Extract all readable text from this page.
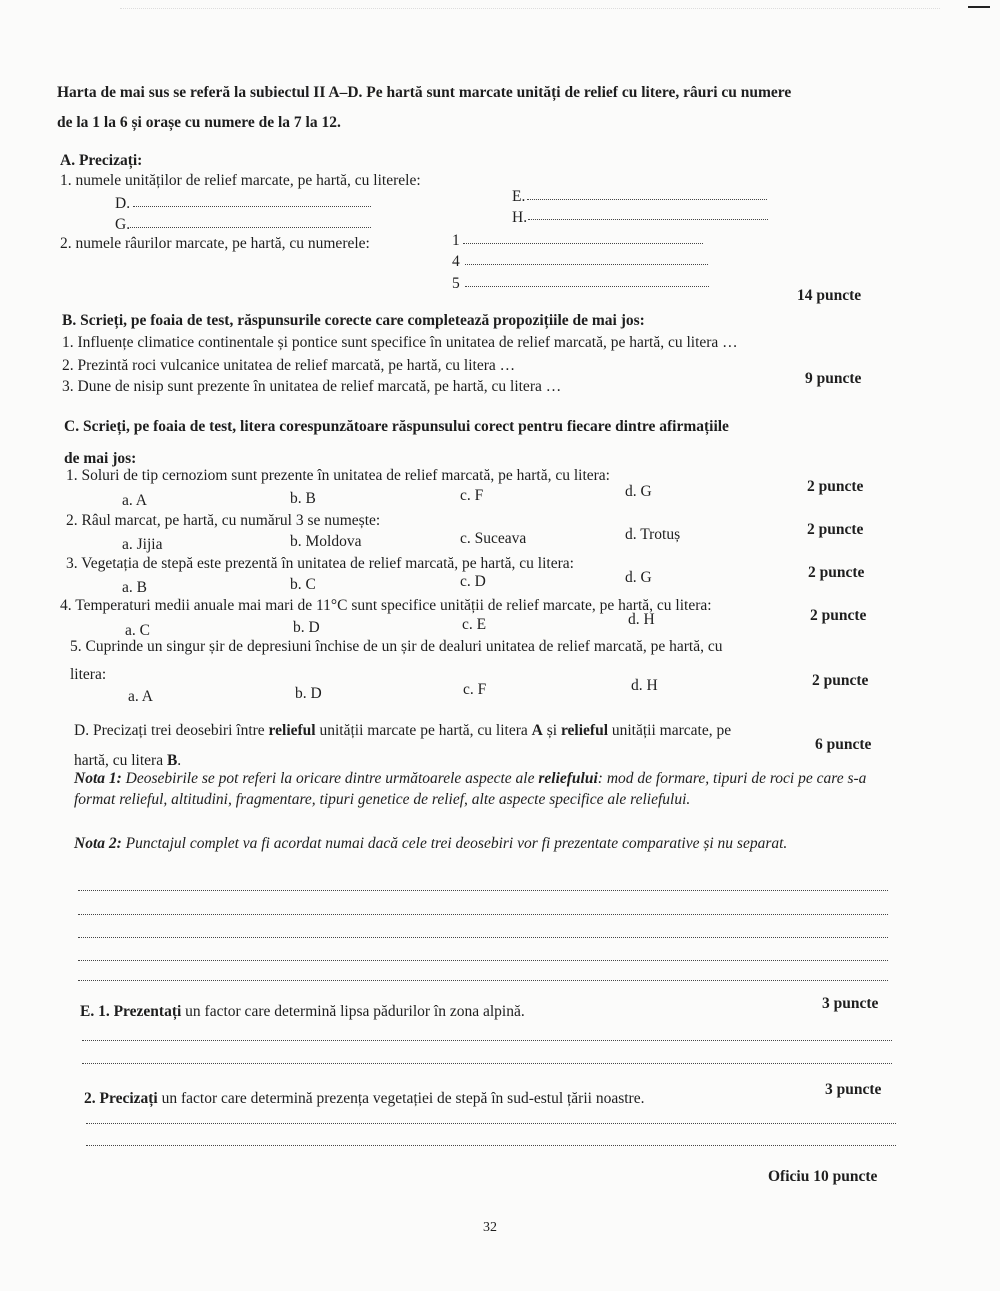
Harta de mai sus se referă la subiectul II A–D. Pe hartă sunt marcate unități de relief cu litere, râuri cu numere
de la 1 la 6 și orașe cu numere de la 7 la 12.
A. Precizați:
1. numele unităților de relief marcate, pe hartă, cu literele:
D.	E.
G.	H.
2. numele râurilor marcate, pe hartă, cu numerele:	1
4
5
14 puncte
B. Scrieți, pe foaia de test, răspunsurile corecte care completează propozițiile de mai jos:
1. Influențe climatice continentale și pontice sunt specifice în unitatea de relief marcată, pe hartă, cu litera …
2. Prezintă roci vulcanice unitatea de relief marcată, pe hartă, cu litera …
3. Dune de nisip sunt prezente în unitatea de relief marcată, pe hartă, cu litera …	9 puncte
C. Scrieți, pe foaia de test, litera corespunzătoare răspunsului corect pentru fiecare dintre afirmațiile
de mai jos:
1. Soluri de tip cernoziom sunt prezente în unitatea de relief marcată, pe hartă, cu litera:
a. A	b. B	c. F	d. G	2 puncte
2. Râul marcat, pe hartă, cu numărul 3 se numește:
a. Jijia	b. Moldova	c. Suceava	d. Trotuș	2 puncte
3. Vegetația de stepă este prezentă în unitatea de relief marcată, pe hartă, cu litera:
a. B	b. C	c. D	d. G	2 puncte
4. Temperaturi medii anuale mai mari de 11°C sunt specifice unității de relief marcate, pe hartă, cu litera:
a. C	b. D	c. E	d. H	2 puncte
5. Cuprinde un singur șir de depresiuni închise de un șir de dealuri unitatea de relief marcată, pe hartă, cu
litera:
a. A	b. D	c. F	d. H	2 puncte
D. Precizați trei deosebiri între relieful unității marcate pe hartă, cu litera A și relieful unității marcate, pe
hartă, cu litera B.
6 puncte
Nota 1: Deosebirile se pot referi la oricare dintre următoarele aspecte ale reliefului: mod de formare, tipuri de roci pe care s-a format relieful, altitudini, fragmentare, tipuri genetice de relief, alte aspecte specifice ale reliefului.
Nota 2: Punctajul complet va fi acordat numai dacă cele trei deosebiri vor fi prezentate comparative și nu separat.
E. 1. Prezentați un factor care determină lipsa pădurilor în zona alpină.	3 puncte
2. Precizați un factor care determină prezența vegetației de stepă în sud-estul țării noastre.
3 puncte
Oficiu 10 puncte
32
